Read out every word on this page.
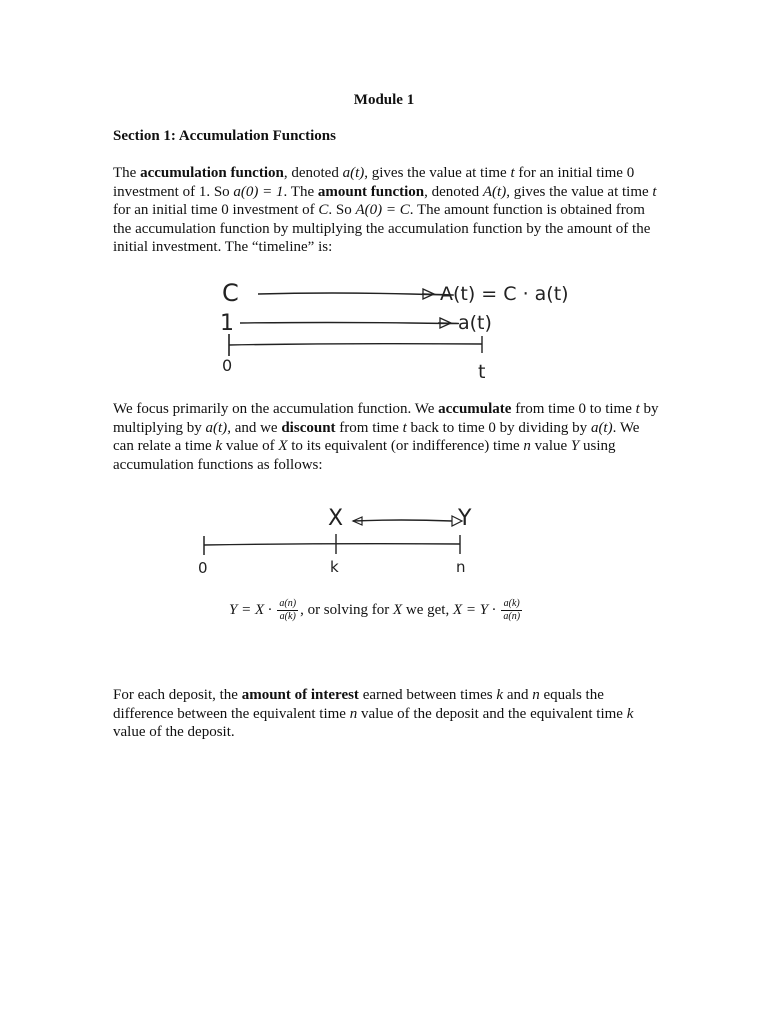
Module 1
Section 1: Accumulation Functions
The accumulation function, denoted a(t), gives the value at time t for an initial time 0 investment of 1. So a(0) = 1. The amount function, denoted A(t), gives the value at time t for an initial time 0 investment of C. So A(0) = C. The amount function is obtained from the accumulation function by multiplying the accumulation function by the amount of the initial investment. The “timeline” is:
C	A(t) = C · a(t)
1	a(t)
0	t
We focus primarily on the accumulation function. We accumulate from time 0 to time t by multiplying by a(t), and we discount from time t back to time 0 by dividing by a(t). We can relate a time k value of X to its equivalent (or indifference) time n value Y using accumulation functions as follows:
X	Y
0	k	n
$Y = X \cdot \frac{a(n)}{a(k)}$ , or solving for X we get, $X = Y \cdot \frac{a(k)}{a(n)}$
For each deposit, the amount of interest earned between times k and n equals the difference between the equivalent time n value of the deposit and the equivalent time k value of the deposit.
